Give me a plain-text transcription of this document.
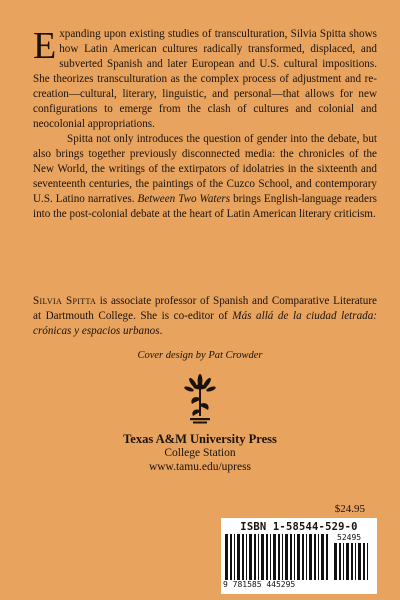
Expanding upon existing studies of transculturation, Silvia Spitta shows how Latin American cultures radically transformed, displaced, and subverted Spanish and later European and U.S. cultural impositions. She theorizes transculturation as the complex process of adjustment and re-creation—cultural, literary, linguistic, and personal—that allows for new configurations to emerge from the clash of cultures and colonial and neocolonial appropriations.

Spitta not only introduces the question of gender into the debate, but also brings together previously disconnected media: the chronicles of the New World, the writings of the extirpators of idolatries in the sixteenth and seventeenth centuries, the paintings of the Cuzco School, and contemporary U.S. Latino narratives. Between Two Waters brings English-language readers into the post-colonial debate at the heart of Latin American literary criticism.

Silvia Spitta is associate professor of Spanish and Comparative Literature at Dartmouth College. She is co-editor of Más allá de la ciudad letrada: crónicas y espacios urbanos.
Cover design by Pat Crowder
Texas A&M University Press
College Station
www.tamu.edu/upress
$24.95
ISBN 1-58544-529-0
52495
9 781585 445295
